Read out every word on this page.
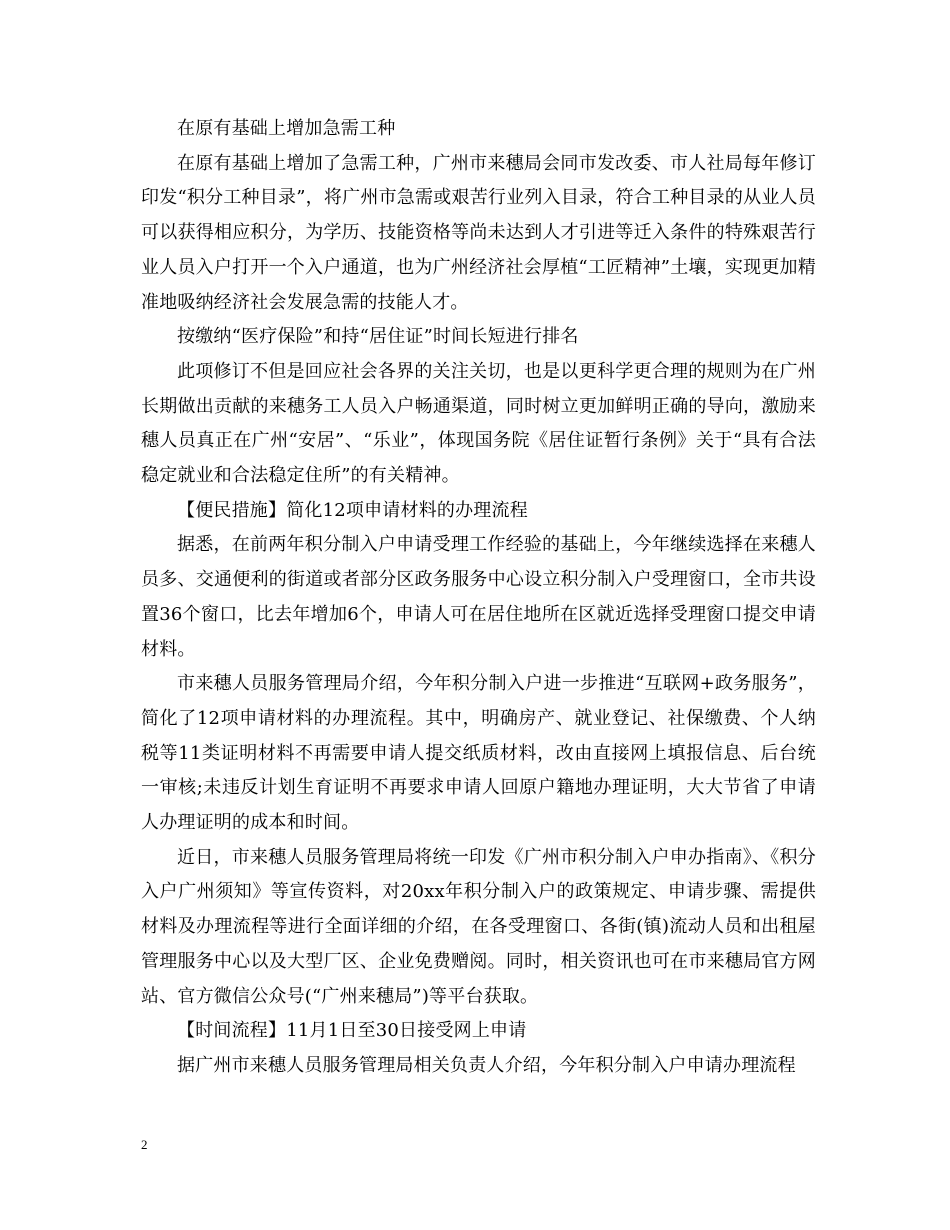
在原有基础上增加急需工种

在原有基础上增加了急需工种，广州市来穗局会同市发改委、市人社局每年修订印发“积分工种目录”，将广州市急需或艰苦行业列入目录，符合工种目录的从业人员可以获得相应积分，为学历、技能资格等尚未达到人才引进等迁入条件的特殊艰苦行业人员入户打开一个入户通道，也为广州经济社会厚植“工匠精神”土壤，实现更加精准地吸纳经济社会发展急需的技能人才。

按缴纳“医疗保险”和持“居住证”时间长短进行排名

此项修订不但是回应社会各界的关注关切，也是以更科学更合理的规则为在广州长期做出贡献的来穗务工人员入户畅通渠道，同时树立更加鲜明正确的导向，激励来穗人员真正在广州“安居”、“乐业”，体现国务院《居住证暂行条例》关于“具有合法稳定就业和合法稳定住所”的有关精神。

【便民措施】简化12项申请材料的办理流程

据悉，在前两年积分制入户申请受理工作经验的基础上，今年继续选择在来穗人员多、交通便利的街道或者部分区政务服务中心设立积分制入户受理窗口，全市共设置36个窗口，比去年增加6个，申请人可在居住地所在区就近选择受理窗口提交申请材料。

市来穗人员服务管理局介绍，今年积分制入户进一步推进“互联网+政务服务”，简化了12项申请材料的办理流程。其中，明确房产、就业登记、社保缴费、个人纳税等11类证明材料不再需要申请人提交纸质材料，改由直接网上填报信息、后台统一审核;未违反计划生育证明不再要求申请人回原户籍地办理证明，大大节省了申请人办理证明的成本和时间。

近日，市来穗人员服务管理局将统一印发《广州市积分制入户申办指南》、《积分入户广州须知》等宣传资料，对20xx年积分制入户的政策规定、申请步骤、需提供材料及办理流程等进行全面详细的介绍，在各受理窗口、各街(镇)流动人员和出租屋管理服务中心以及大型厂区、企业免费赠阅。同时，相关资讯也可在市来穗局官方网站、官方微信公众号(“广州来穗局”)等平台获取。

【时间流程】11月1日至30日接受网上申请

据广州市来穗人员服务管理局相关负责人介绍，今年积分制入户申请办理流程

2
